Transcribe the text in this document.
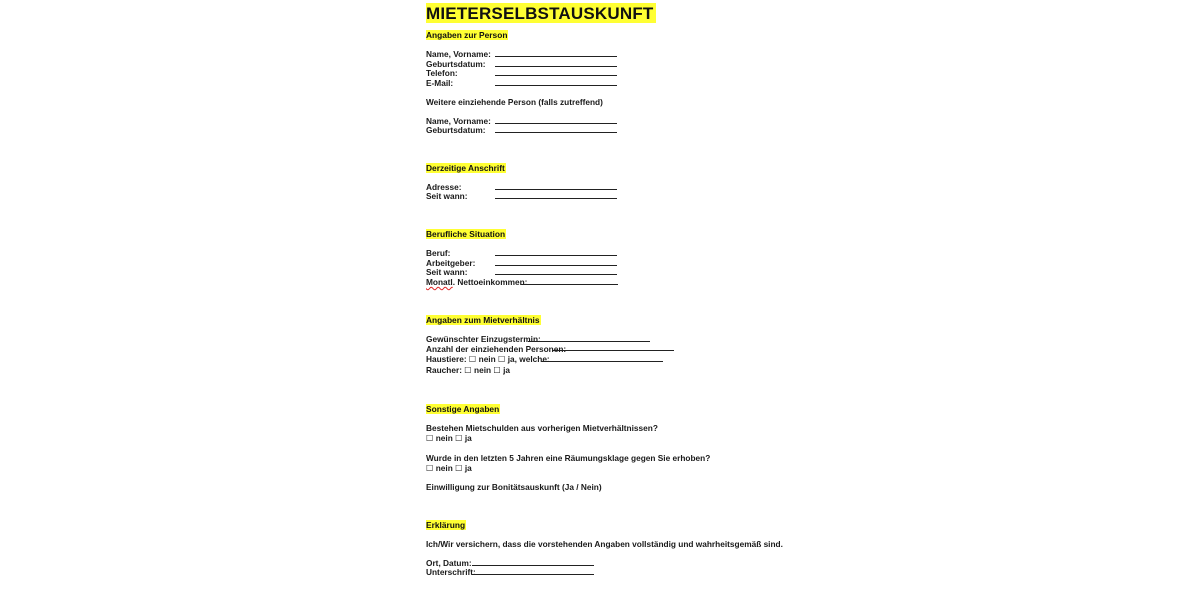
MIETERSELBSTAUSKUNFT
Angaben zur Person
Name, Vorname:
Geburtsdatum:
Telefon:
E-Mail:
Weitere einziehende Person (falls zutreffend)
Name, Vorname:
Geburtsdatum:
Derzeitige Anschrift
Adresse:
Seit wann:
Berufliche Situation
Beruf:
Arbeitgeber:
Seit wann:
Monatl. Nettoeinkommen:
Angaben zum Mietverhältnis
Gewünschter Einzugstermin:
Anzahl der einziehenden Personen:
Haustiere: ☐ nein ☐ ja, welche:
Raucher: ☐ nein ☐ ja
Sonstige Angaben
Bestehen Mietschulden aus vorherigen Mietverhältnissen?
☐ nein ☐ ja
Wurde in den letzten 5 Jahren eine Räumungsklage gegen Sie erhoben?
☐ nein ☐ ja
Einwilligung zur Bonitätsauskunft (Ja / Nein)
Erklärung
Ich/Wir versichern, dass die vorstehenden Angaben vollständig und wahrheitsgemäß sind.
Ort, Datum:
Unterschrift:
